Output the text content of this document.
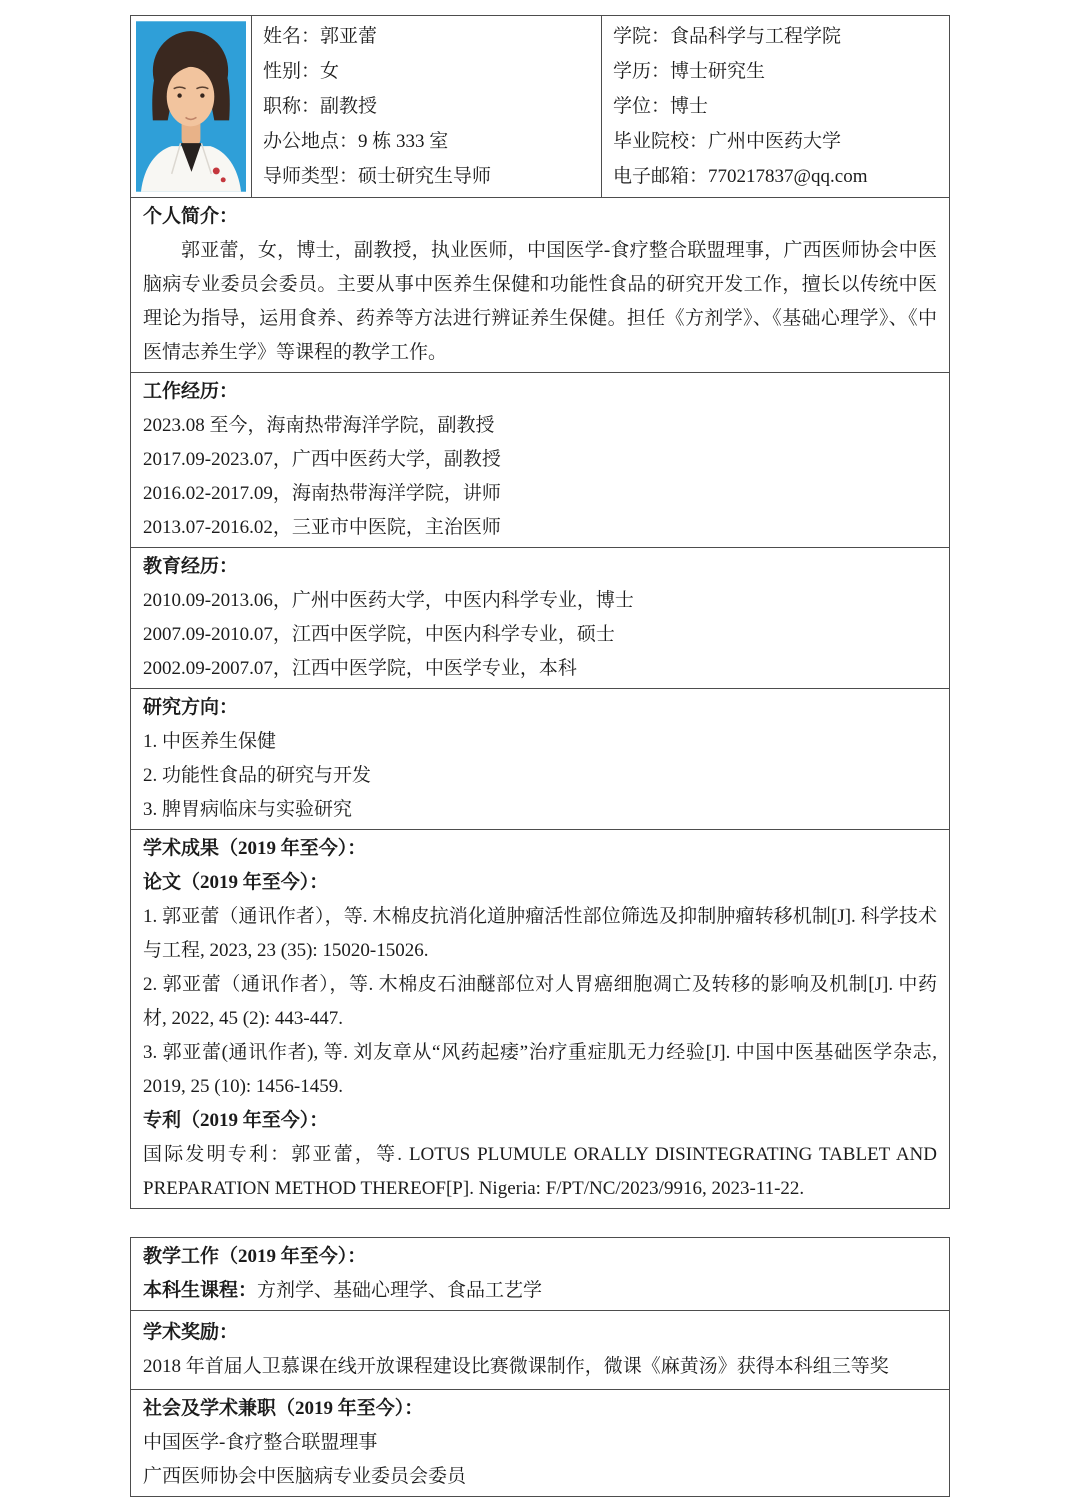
姓名：郭亚蕾
性别：女
职称：副教授
办公地点：9 栋 333 室
导师类型：硕士研究生导师
学院：食品科学与工程学院
学历：博士研究生
学位：博士
毕业院校：广州中医药大学
电子邮箱：770217837@qq.com
个人简介：

郭亚蕾，女，博士，副教授，执业医师，中国医学-食疗整合联盟理事，广西医师协会中医脑病专业委员会委员。主要从事中医养生保健和功能性食品的研究开发工作，擅长以传统中医理论为指导，运用食养、药养等方法进行辨证养生保健。担任《方剂学》、《基础心理学》、《中医情志养生学》等课程的教学工作。

工作经历：
2023.08 至今，海南热带海洋学院，副教授
2017.09-2023.07，广西中医药大学，副教授
2016.02-2017.09，海南热带海洋学院，讲师
2013.07-2016.02，三亚市中医院，主治医师
教育经历：
2010.09-2013.06，广州中医药大学，中医内科学专业，博士
2007.09-2010.07，江西中医学院，中医内科学专业，硕士
2002.09-2007.07，江西中医学院，中医学专业，本科
研究方向：
1. 中医养生保健
2. 功能性食品的研究与开发
3. 脾胃病临床与实验研究
学术成果（2019 年至今）：
论文（2019 年至今）：
1. 郭亚蕾（通讯作者），等. 木棉皮抗消化道肿瘤活性部位筛选及抑制肿瘤转移机制[J]. 科学技术与工程, 2023, 23 (35): 15020-15026.
2. 郭亚蕾（通讯作者），等. 木棉皮石油醚部位对人胃癌细胞凋亡及转移的影响及机制[J]. 中药材, 2022, 45 (2): 443-447.
3. 郭亚蕾(通讯作者), 等. 刘友章从“风药起痿”治疗重症肌无力经验[J]. 中国中医基础医学杂志, 2019, 25 (10): 1456-1459.
专利（2019 年至今）：
国际发明专利：郭亚蕾，等. LOTUS PLUMULE ORALLY DISINTEGRATING TABLET AND PREPARATION METHOD THEREOF[P]. Nigeria: F/PT/NC/2023/9916, 2023-11-22.
教学工作（2019 年至今）：
本科生课程：方剂学、基础心理学、食品工艺学
学术奖励：
2018 年首届人卫慕课在线开放课程建设比赛微课制作，微课《麻黄汤》获得本科组三等奖
社会及学术兼职（2019 年至今）：
中国医学-食疗整合联盟理事
广西医师协会中医脑病专业委员会委员
